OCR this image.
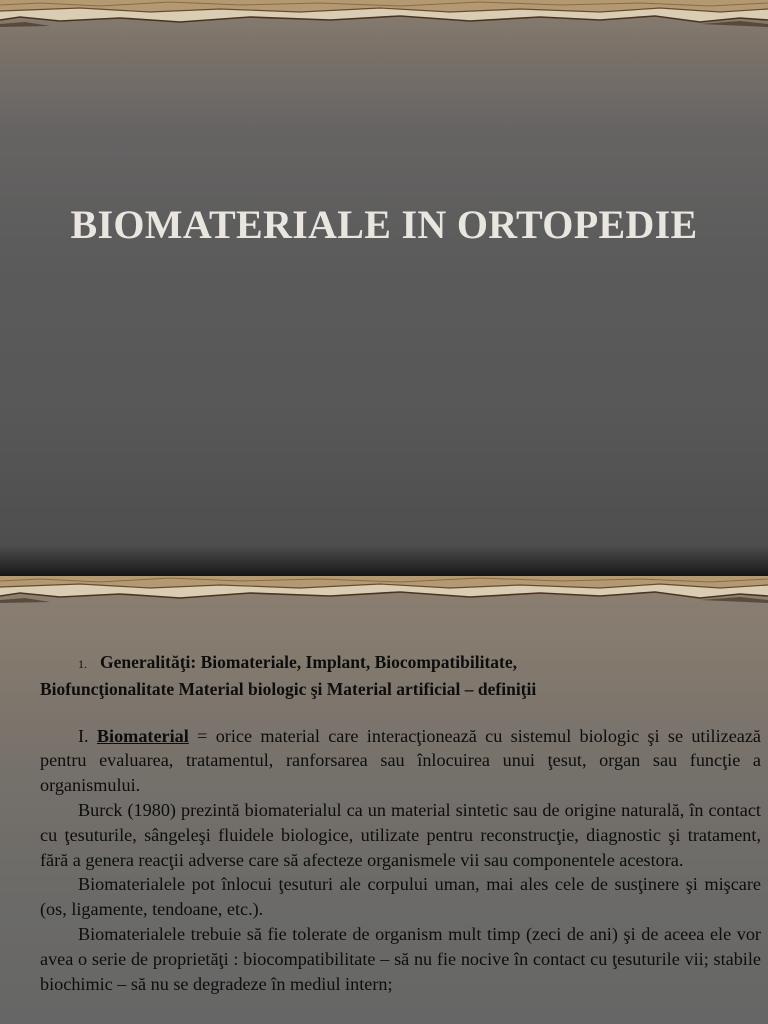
BIOMATERIALE IN ORTOPEDIE

1. Generalităţi: Biomateriale, Implant, Biocompatibilitate,
Biofuncţionalitate Material biologic şi Material artificial – definiţii

I. Biomaterial = orice material care interacţionează cu sistemul biologic şi se utilizează pentru evaluarea, tratamentul, ranforsarea sau înlocuirea unui ţesut, organ sau funcţie a organismului.

Burck (1980) prezintă biomaterialul ca un material sintetic sau de origine naturală, în contact cu ţesuturile, sângeleşi fluidele biologice, utilizate pentru reconstrucţie, diagnostic şi tratament, fără a genera reacţii adverse care să afecteze organismele vii sau componentele acestora.

Biomaterialele pot înlocui ţesuturi ale corpului uman, mai ales cele de susţinere şi mişcare (os, ligamente, tendoane, etc.).

Biomaterialele trebuie să fie tolerate de organism mult timp (zeci de ani) şi de aceea ele vor avea o serie de proprietăţi : biocompatibilitate – să nu fie nocive în contact cu ţesuturile vii; stabile biochimic – să nu se degradeze în mediul intern;
